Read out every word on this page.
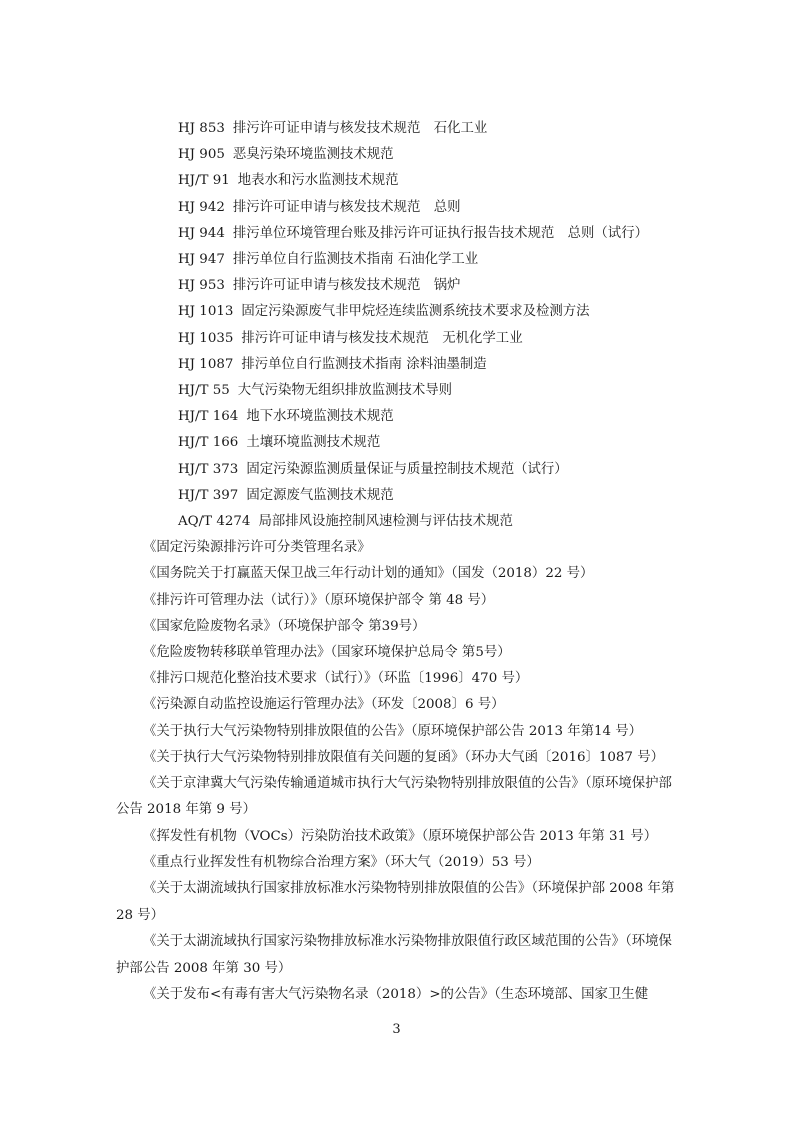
HJ 853 排污许可证申请与核发技术规范　石化工业
HJ 905 恶臭污染环境监测技术规范
HJ/T 91 地表水和污水监测技术规范
HJ 942 排污许可证申请与核发技术规范　总则
HJ 944 排污单位环境管理台账及排污许可证执行报告技术规范　总则（试行）
HJ 947 排污单位自行监测技术指南 石油化学工业
HJ 953 排污许可证申请与核发技术规范　锅炉
HJ 1013 固定污染源废气非甲烷烃连续监测系统技术要求及检测方法
HJ 1035 排污许可证申请与核发技术规范　无机化学工业
HJ 1087 排污单位自行监测技术指南 涂料油墨制造
HJ/T 55 大气污染物无组织排放监测技术导则
HJ/T 164 地下水环境监测技术规范
HJ/T 166 土壤环境监测技术规范
HJ/T 373 固定污染源监测质量保证与质量控制技术规范（试行）
HJ/T 397 固定源废气监测技术规范
AQ/T 4274 局部排风设施控制风速检测与评估技术规范
《固定污染源排污许可分类管理名录》
《国务院关于打赢蓝天保卫战三年行动计划的通知》（国发（2018）22 号）
《排污许可管理办法（试行）》（原环境保护部令 第 48 号）
《国家危险废物名录》（环境保护部令 第39号）
《危险废物转移联单管理办法》（国家环境保护总局令 第5号）
《排污口规范化整治技术要求（试行）》（环监〔1996〕470 号）
《污染源自动监控设施运行管理办法》（环发〔2008〕6 号）
《关于执行大气污染物特别排放限值的公告》（原环境保护部公告 2013 年第14 号）
《关于执行大气污染物特别排放限值有关问题的复函》（环办大气函〔2016〕1087 号）
《关于京津冀大气污染传输通道城市执行大气污染物特别排放限值的公告》（原环境保护部公告 2018 年第 9 号）
《挥发性有机物（VOCs）污染防治技术政策》（原环境保护部公告 2013 年第 31 号）
《重点行业挥发性有机物综合治理方案》（环大气（2019）53 号）
《关于太湖流域执行国家排放标准水污染物特别排放限值的公告》（环境保护部 2008 年第 28 号）
《关于太湖流域执行国家污染物排放标准水污染物排放限值行政区域范围的公告》（环境保护部公告 2008 年第 30 号）
《关于发布<有毒有害大气污染物名录（2018）>的公告》（生态环境部、国家卫生健
3
